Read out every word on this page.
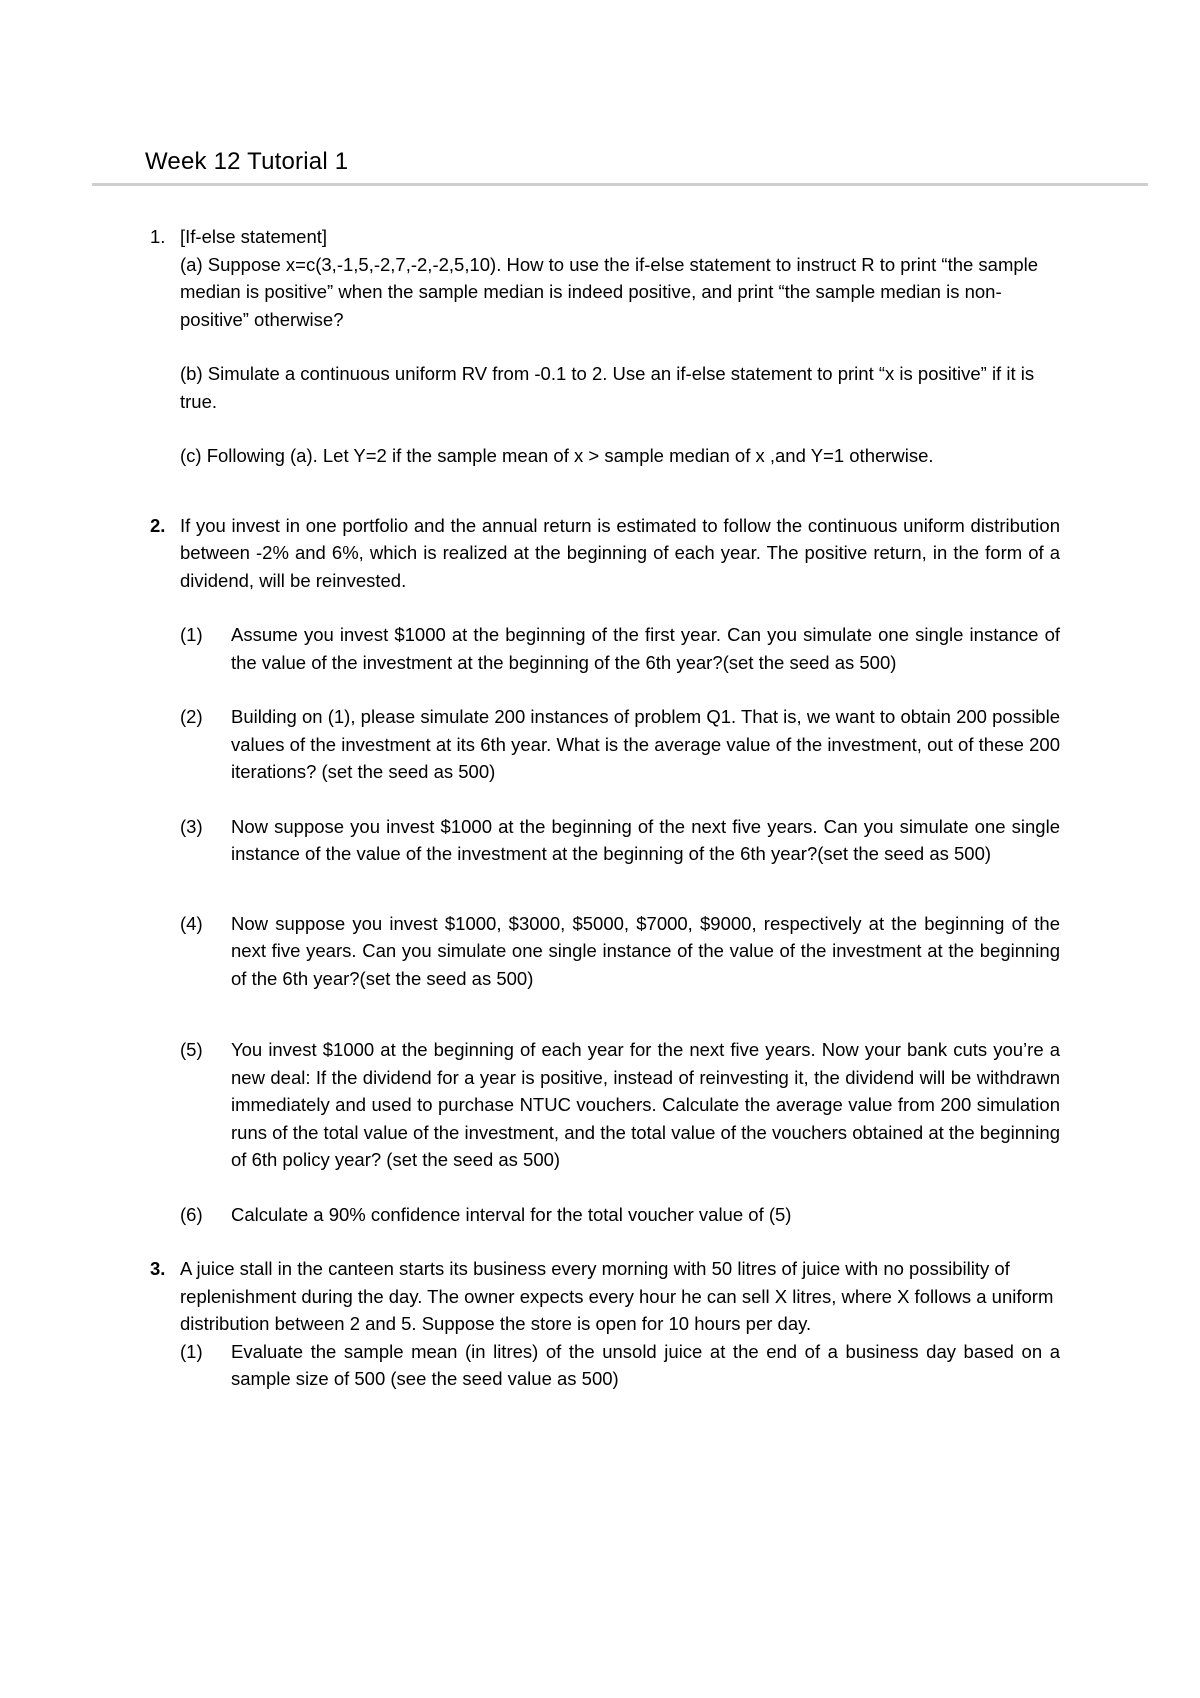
Week 12 Tutorial 1
1. [If-else statement]

(a) Suppose x=c(3,-1,5,-2,7,-2,-2,5,10). How to use the if-else statement to instruct R to print “the sample median is positive” when the sample median is indeed positive, and print “the sample median is non-positive” otherwise?

(b) Simulate a continuous uniform RV from -0.1 to 2. Use an if-else statement to print “x is positive” if it is true.

(c) Following (a). Let Y=2 if the sample mean of x > sample median of x ,and Y=1 otherwise.

2. If you invest in one portfolio and the annual return is estimated to follow the continuous uniform distribution between -2% and 6%, which is realized at the beginning of each year. The positive return, in the form of a dividend, will be reinvested.

(1) Assume you invest $1000 at the beginning of the first year. Can you simulate one single instance of the value of the investment at the beginning of the 6th year?(set the seed as 500)
(2) Building on (1), please simulate 200 instances of problem Q1. That is, we want to obtain 200 possible values of the investment at its 6th year. What is the average value of the investment, out of these 200 iterations? (set the seed as 500)
(3) Now suppose you invest $1000 at the beginning of the next five years. Can you simulate one single instance of the value of the investment at the beginning of the 6th year?(set the seed as 500)
(4) Now suppose you invest $1000, $3000, $5000, $7000, $9000, respectively at the beginning of the next five years. Can you simulate one single instance of the value of the investment at the beginning of the 6th year?(set the seed as 500)
(5) You invest $1000 at the beginning of each year for the next five years. Now your bank cuts you’re a new deal: If the dividend for a year is positive, instead of reinvesting it, the dividend will be withdrawn immediately and used to purchase NTUC vouchers. Calculate the average value from 200 simulation runs of the total value of the investment, and the total value of the vouchers obtained at the beginning of 6th policy year? (set the seed as 500)
(6) Calculate a 90% confidence interval for the total voucher value of (5)
3. A juice stall in the canteen starts its business every morning with 50 litres of juice with no possibility of replenishment during the day. The owner expects every hour he can sell X litres, where X follows a uniform distribution between 2 and 5. Suppose the store is open for 10 hours per day.

(1) Evaluate the sample mean (in litres) of the unsold juice at the end of a business day based on a sample size of 500 (see the seed value as 500)
